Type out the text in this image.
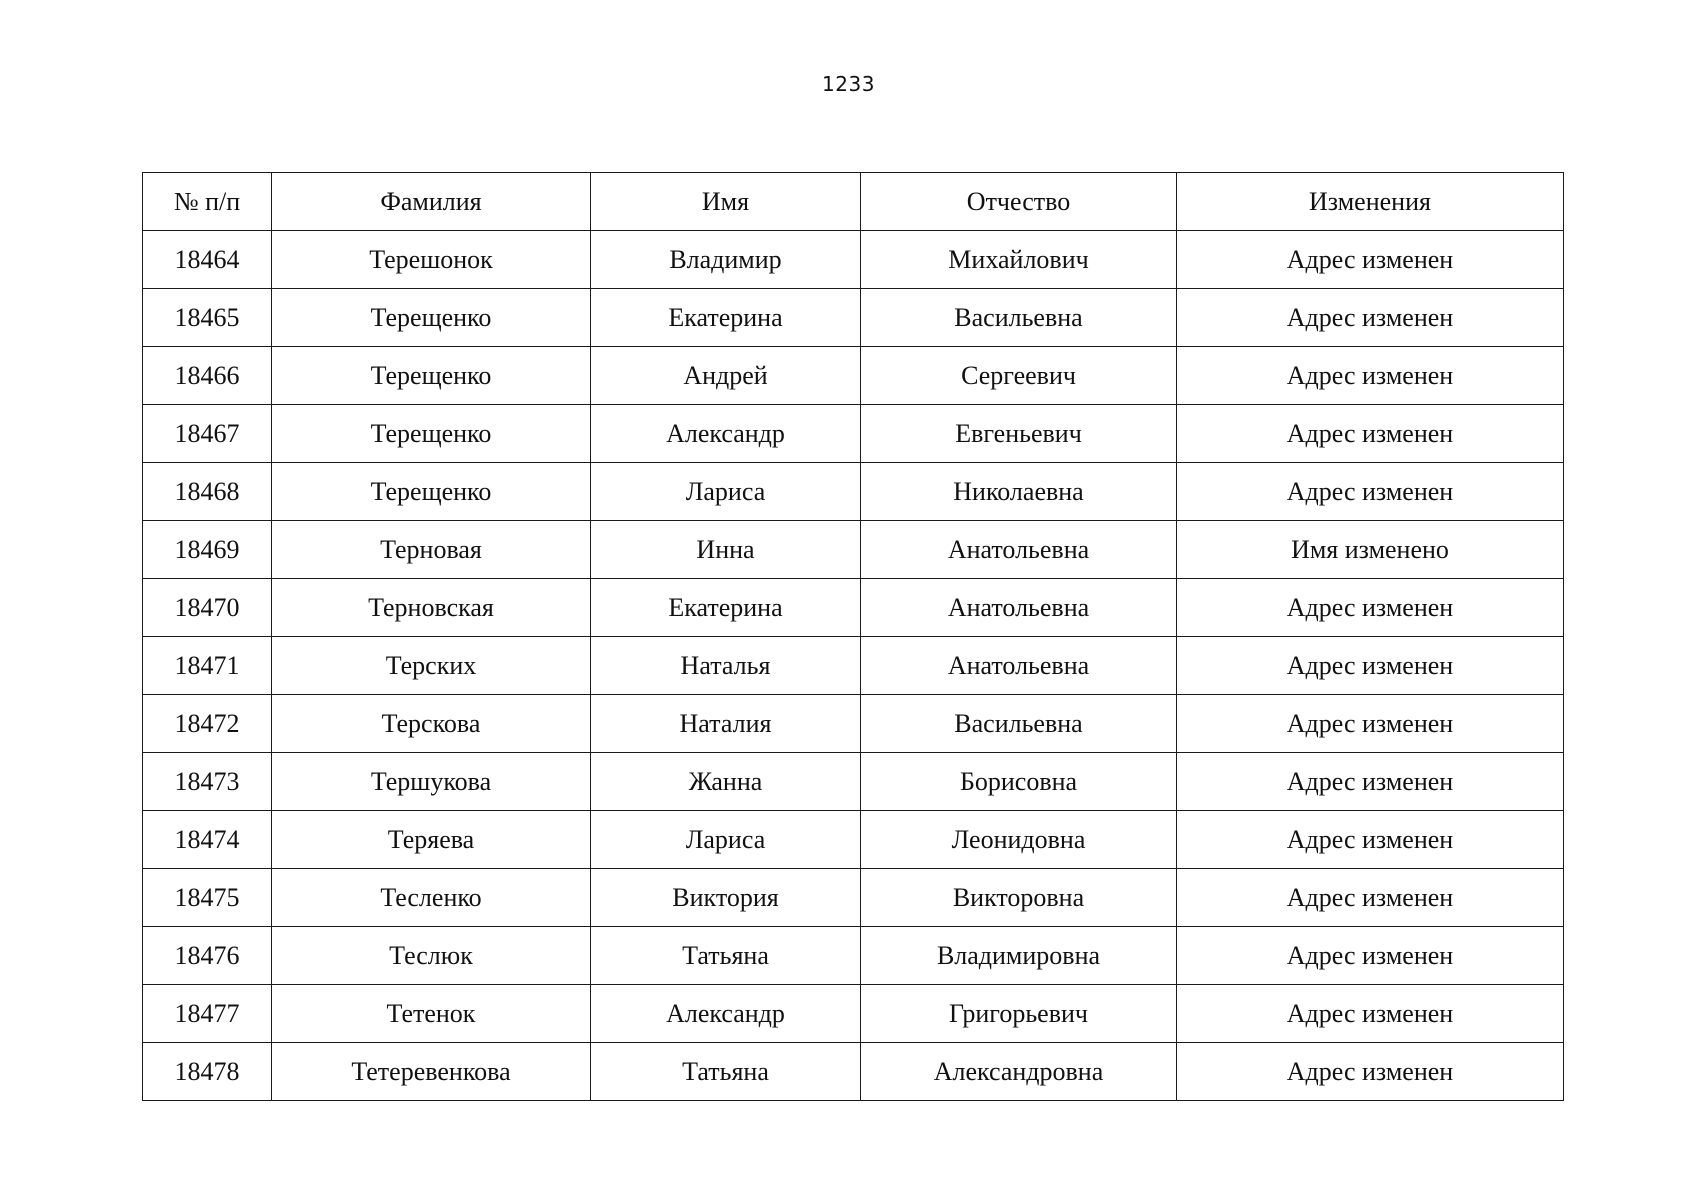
1233
№ п/п	Фамилия	Имя	Отчество	Изменения
18464	Терешонок	Владимир	Михайлович	Адрес изменен
18465	Терещенко	Екатерина	Васильевна	Адрес изменен
18466	Терещенко	Андрей	Сергеевич	Адрес изменен
18467	Терещенко	Александр	Евгеньевич	Адрес изменен
18468	Терещенко	Лариса	Николаевна	Адрес изменен
18469	Терновая	Инна	Анатольевна	Имя изменено
18470	Терновская	Екатерина	Анатольевна	Адрес изменен
18471	Терских	Наталья	Анатольевна	Адрес изменен
18472	Терскова	Наталия	Васильевна	Адрес изменен
18473	Тершукова	Жанна	Борисовна	Адрес изменен
18474	Теряева	Лариса	Леонидовна	Адрес изменен
18475	Тесленко	Виктория	Викторовна	Адрес изменен
18476	Теслюк	Татьяна	Владимировна	Адрес изменен
18477	Тетенок	Александр	Григорьевич	Адрес изменен
18478	Тетеревенкова	Татьяна	Александровна	Адрес изменен
